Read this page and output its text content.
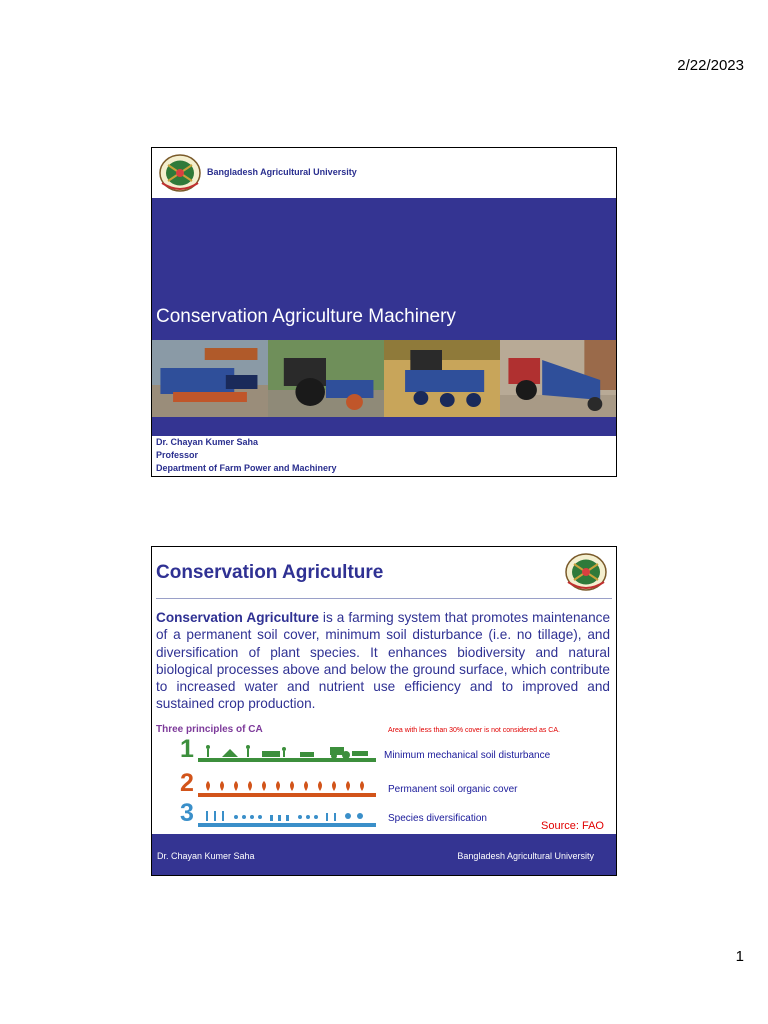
2/22/2023
Bangladesh Agricultural University
Conservation Agriculture Machinery
Dr. Chayan Kumer Saha
Professor
Department of Farm Power and Machinery
Conservation Agriculture
Conservation Agriculture is a farming system that promotes maintenance of a permanent soil cover, minimum soil disturbance (i.e. no tillage), and diversification of plant species. It enhances biodiversity and natural biological processes above and below the ground surface, which contribute to increased water and nutrient use efficiency and to improved and sustained crop production.
Three principles of CA	Area with less than 30% cover is not considered as CA.
1	Minimum mechanical soil disturbance
2	Permanent soil organic cover
3	Species diversification
Source: FAO
Dr. Chayan Kumer Saha	Bangladesh Agricultural University
1
